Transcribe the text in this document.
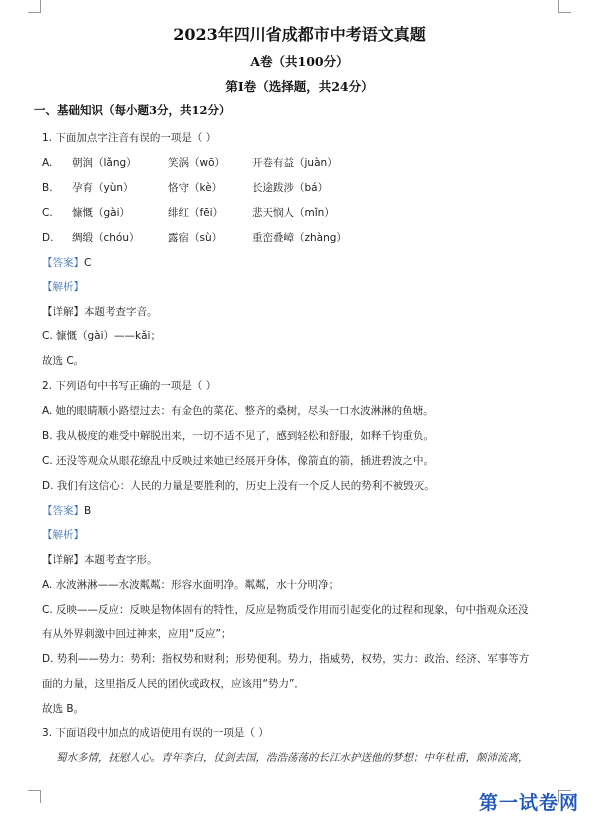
2023年四川省成都市中考语文真题
A卷（共100分）
第Ⅰ卷（选择题，共24分）
一、基础知识（每小题3分，共12分）
1. 下面加点字注音有误的一项是（ ）
A. 朝润（lǎng）	笑涡（wō）	开卷有益（juàn）
B. 孕育（yùn）	恪守（kè）	长途跋涉（bá）
C. 慷慨（gài）	绯红（fēi）	悲天悯人（mǐn）
D. 绸缎（chóu）	露宿（sù）	重峦叠嶂（zhàng）
【答案】C
【解析】
【详解】本题考查字音。
C. 慷慨（gài）——kǎi；
故选 C。
2. 下列语句中书写正确的一项是（ ）
A. 她的眼睛顺小路望过去：有金色的菜花、整齐的桑树，尽头一口水波淋淋的鱼塘。
B. 我从极度的难受中解脱出来，一切不适不见了，感到轻松和舒服，如释千钧重负。
C. 还没等观众从眼花缭乱中反映过来她已经展开身体，像箭直的箭，插进碧波之中。
D. 我们有这信心：人民的力量是要胜利的，历史上没有一个反人民的势利不被毁灭。
【答案】B
【解析】
【详解】本题考查字形。
A. 水波淋淋——水波粼粼：形容水面明净。粼粼，水十分明净；
C. 反映——反应：反映是物体固有的特性，反应是物质受作用而引起变化的过程和现象，句中指观众还没
有从外界刺激中回过神来，应用“反应”；
D. 势利——势力：势利：指权势和财利；形势便利。势力，指威势，权势，实力：政治、经济、军事等方
面的力量，这里指反人民的团伙或政权，应该用“势力”．
故选 B。
3. 下面语段中加点的成语使用有误的一项是（ ）
蜀水多情，抚慰人心。青年李白，仗剑去国，浩浩荡荡的长江水护送他的梦想；中年杜甫，颠沛流离，
第一试卷网
